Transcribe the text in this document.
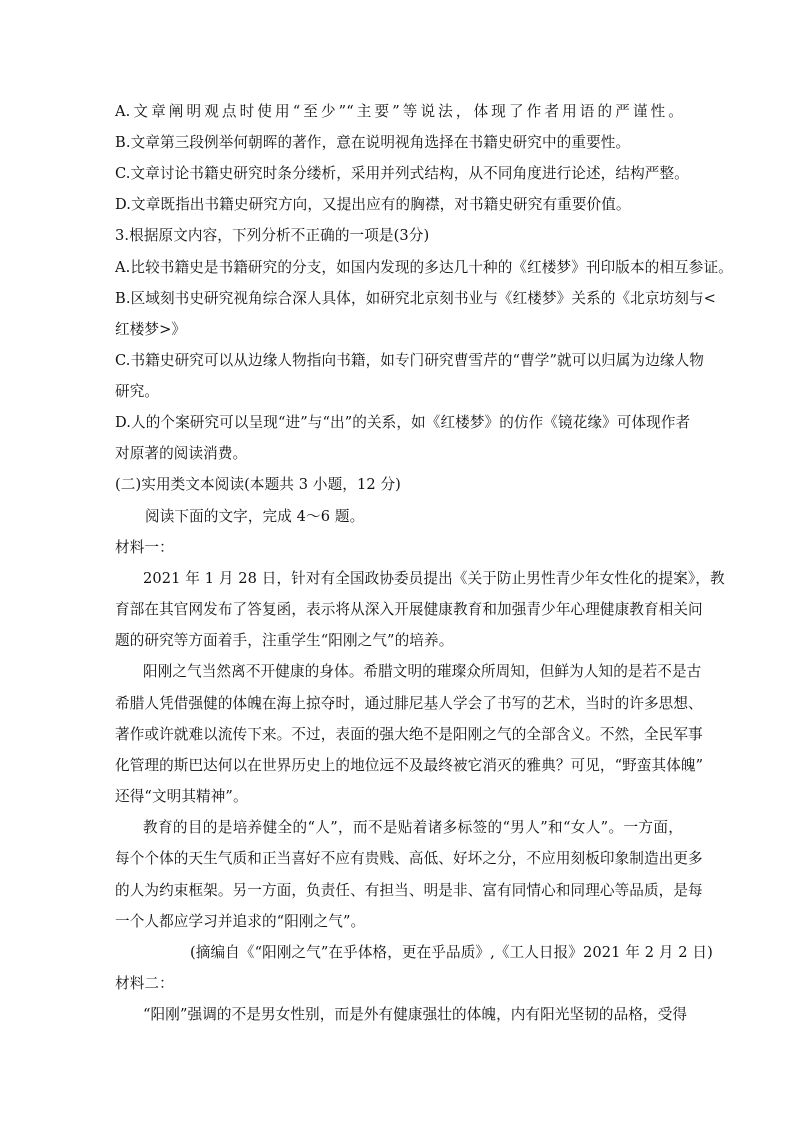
A.文章阐明观点时使用“至少”“主要”等说法，体现了作者用语的严谨性。
B.文章第三段例举何朝晖的著作，意在说明视角选择在书籍史研究中的重要性。
C.文章讨论书籍史研究时条分缕析，采用并列式结构，从不同角度进行论述，结构严整。
D.文章既指出书籍史研究方向，又提出应有的胸襟，对书籍史研究有重要价值。
3.根据原文内容，下列分析不正确的一项是(3分)
A.比较书籍史是书籍研究的分支，如国内发现的多达几十种的《红楼梦》刊印版本的相互参证。
B.区域刻书史研究视角综合深人具体，如研究北京刻书业与《红楼梦》关系的《北京坊刻与<
红楼梦>》
C.书籍史研究可以从边缘人物指向书籍，如专门研究曹雪芹的“曹学”就可以归属为边缘人物
研究。
D.人的个案研究可以呈现“进”与“出”的关系，如《红楼梦》的仿作《镜花缘》可体现作者
对原著的阅读消费。
(二)实用类文本阅读(本题共 3 小题，12 分)
阅读下面的文字，完成 4～6 题。
材料一：
2021 年 1 月 28 日，针对有全国政协委员提出《关于防止男性青少年女性化的提案》，教
育部在其官网发布了答复函，表示将从深入开展健康教育和加强青少年心理健康教育相关问
题的研究等方面着手，注重学生“阳刚之气”的培养。
阳刚之气当然离不开健康的身体。希腊文明的璀璨众所周知，但鲜为人知的是若不是古
希腊人凭借强健的体魄在海上掠夺时，通过腓尼基人学会了书写的艺术，当时的许多思想、
著作或许就难以流传下来。不过，表面的强大绝不是阳刚之气的全部含义。不然，全民军事
化管理的斯巴达何以在世界历史上的地位远不及最终被它消灭的雅典？可见，“野蛮其体魄”
还得“文明其精神”。
教育的目的是培养健全的“人”，而不是贴着诸多标签的“男人”和“女人”。一方面，
每个个体的天生气质和正当喜好不应有贵贱、高低、好坏之分，不应用刻板印象制造出更多
的人为约束框架。另一方面，负责任、有担当、明是非、富有同情心和同理心等品质，是每
一个人都应学习并追求的“阳刚之气”。
(摘编自《“阳刚之气”在乎体格，更在乎品质》,《工人日报》2021 年 2 月 2 日)
材料二：
“阳刚”强调的不是男女性别，而是外有健康强壮的体魄，内有阳光坚韧的品格，受得
